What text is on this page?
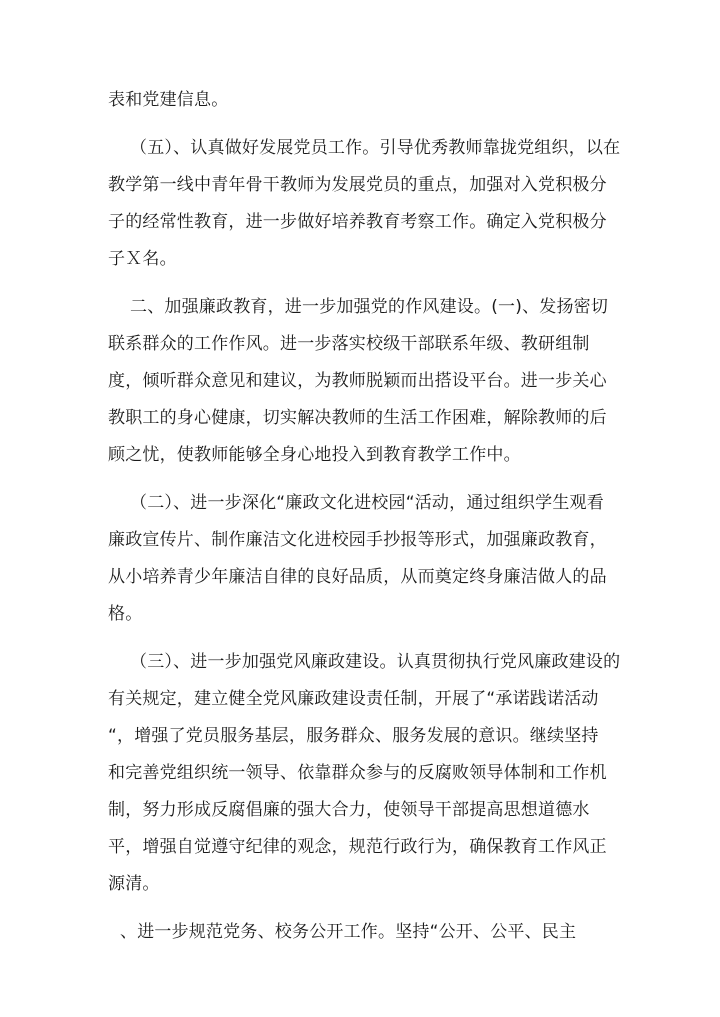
表和党建信息。
（五）、认真做好发展党员工作。引导优秀教师靠拢党组织，以在
教学第一线中青年骨干教师为发展党员的重点，加强对入党积极分
子的经常性教育，进一步做好培养教育考察工作。确定入党积极分
子Ｘ名。
二、加强廉政教育，进一步加强党的作风建设。(一)、发扬密切
联系群众的工作作风。进一步落实校级干部联系年级、教研组制
度，倾听群众意见和建议，为教师脱颖而出搭设平台。进一步关心
教职工的身心健康，切实解决教师的生活工作困难，解除教师的后
顾之忧，使教师能够全身心地投入到教育教学工作中。
（二）、进一步深化“廉政文化进校园“活动，通过组织学生观看
廉政宣传片、制作廉洁文化进校园手抄报等形式，加强廉政教育，
从小培养青少年廉洁自律的良好品质，从而奠定终身廉洁做人的品
格。
（三）、进一步加强党风廉政建设。认真贯彻执行党风廉政建设的
有关规定，建立健全党风廉政建设责任制，开展了“承诺践诺活动
“，增强了党员服务基层，服务群众、服务发展的意识。继续坚持
和完善党组织统一领导、依靠群众参与的反腐败领导体制和工作机
制，努力形成反腐倡廉的强大合力，使领导干部提高思想道德水
平，增强自觉遵守纪律的观念，规范行政行为，确保教育工作风正
源清。
、进一步规范党务、校务公开工作。坚持“公开、公平、民主
